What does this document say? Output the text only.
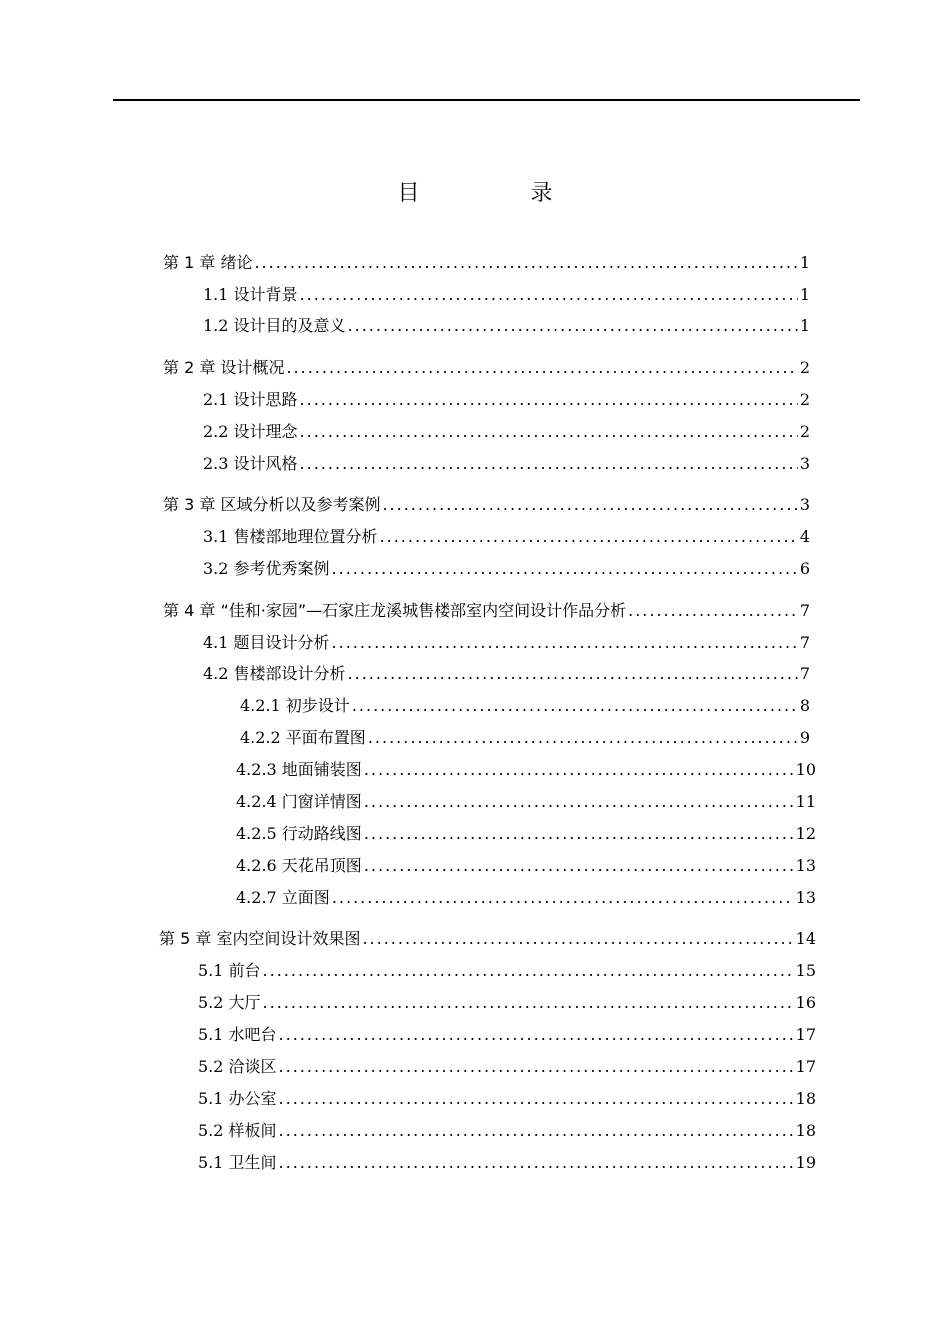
目 录
第 1 章 绪论 .....	1
1.1 设计背景 .....	1
1.2 设计目的及意义 .....	1
第 2 章 设计概况 .....	2
2.1 设计思路 .....	2
2.2 设计理念 .....	2
2.3 设计风格 .....	3
第 3 章 区域分析以及参考案例 .....	3
3.1 售楼部地理位置分析 .....	4
3.2 参考优秀案例 .....	6
第 4 章 “佳和·家园”—石家庄龙溪城售楼部室内空间设计作品分析 .....	7
4.1 题目设计分析 .....	7
4.2 售楼部设计分析 .....	7
4.2.1 初步设计 .....	8
4.2.2 平面布置图 .....	9
4.2.3 地面铺装图 .....	10
4.2.4 门窗详情图 .....	11
4.2.5 行动路线图 .....	12
4.2.6 天花吊顶图 .....	13
4.2.7 立面图 .....	13
第 5 章 室内空间设计效果图 .....	14
5.1 前台 .....	15
5.2 大厅 .....	16
5.1 水吧台 .....	17
5.2 洽谈区 .....	17
5.1 办公室 .....	18
5.2 样板间 .....	18
5.1 卫生间 .....	19
